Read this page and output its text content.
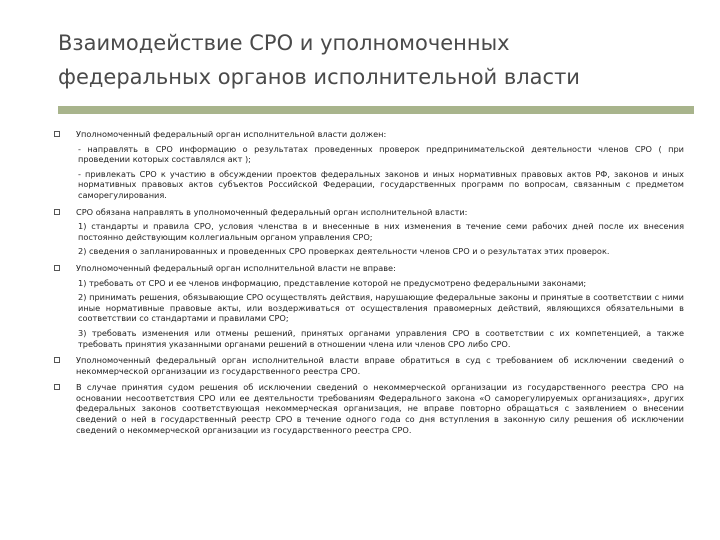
Взаимодействие СРО и уполномоченных
федеральных органов исполнительной власти
Уполномоченный федеральный орган исполнительной власти должен:
- направлять в СРО информацию о результатах проведенных проверок предпринимательской деятельности членов СРО ( при проведении которых составлялся акт );
- привлекать СРО к участию в обсуждении проектов федеральных законов и иных нормативных правовых актов РФ, законов и иных нормативных правовых актов субъектов Российской Федерации, государственных программ по вопросам, связанным с предметом саморегулирования.
СРО обязана направлять в уполномоченный федеральный орган исполнительной власти:
1) стандарты и правила СРО, условия членства в и внесенные в них изменения в течение семи рабочих дней после их внесения постоянно действующим коллегиальным органом управления СРО;
2) сведения о запланированных и проведенных СРО проверках деятельности членов СРО и о результатах этих проверок.
Уполномоченный федеральный орган исполнительной власти не вправе:
1) требовать от СРО и ее членов информацию, представление которой не предусмотрено федеральными законами;
2) принимать решения, обязывающие СРО осуществлять действия, нарушающие федеральные законы и принятые в соответствии с ними иные нормативные правовые акты, или воздерживаться от осуществления правомерных действий, являющихся обязательными в соответствии со стандартами и правилами СРО;
3) требовать изменения или отмены решений, принятых органами управления СРО в соответствии с их компетенцией, а также требовать принятия указанными органами решений в отношении члена или членов СРО либо СРО.
Уполномоченный федеральный орган исполнительной власти вправе обратиться в суд с требованием об исключении сведений о некоммерческой организации из государственного реестра СРО.
В случае принятия судом решения об исключении сведений о некоммерческой организации из государственного реестра СРО на основании несоответствия СРО или ее деятельности требованиям Федерального закона «О саморегулируемых организациях», других федеральных законов соответствующая некоммерческая организация, не вправе повторно обращаться с заявлением о внесении сведений о ней в государственный реестр СРО в течение одного года со дня вступления в законную силу решения об исключении сведений о некоммерческой организации из государственного реестра СРО.
